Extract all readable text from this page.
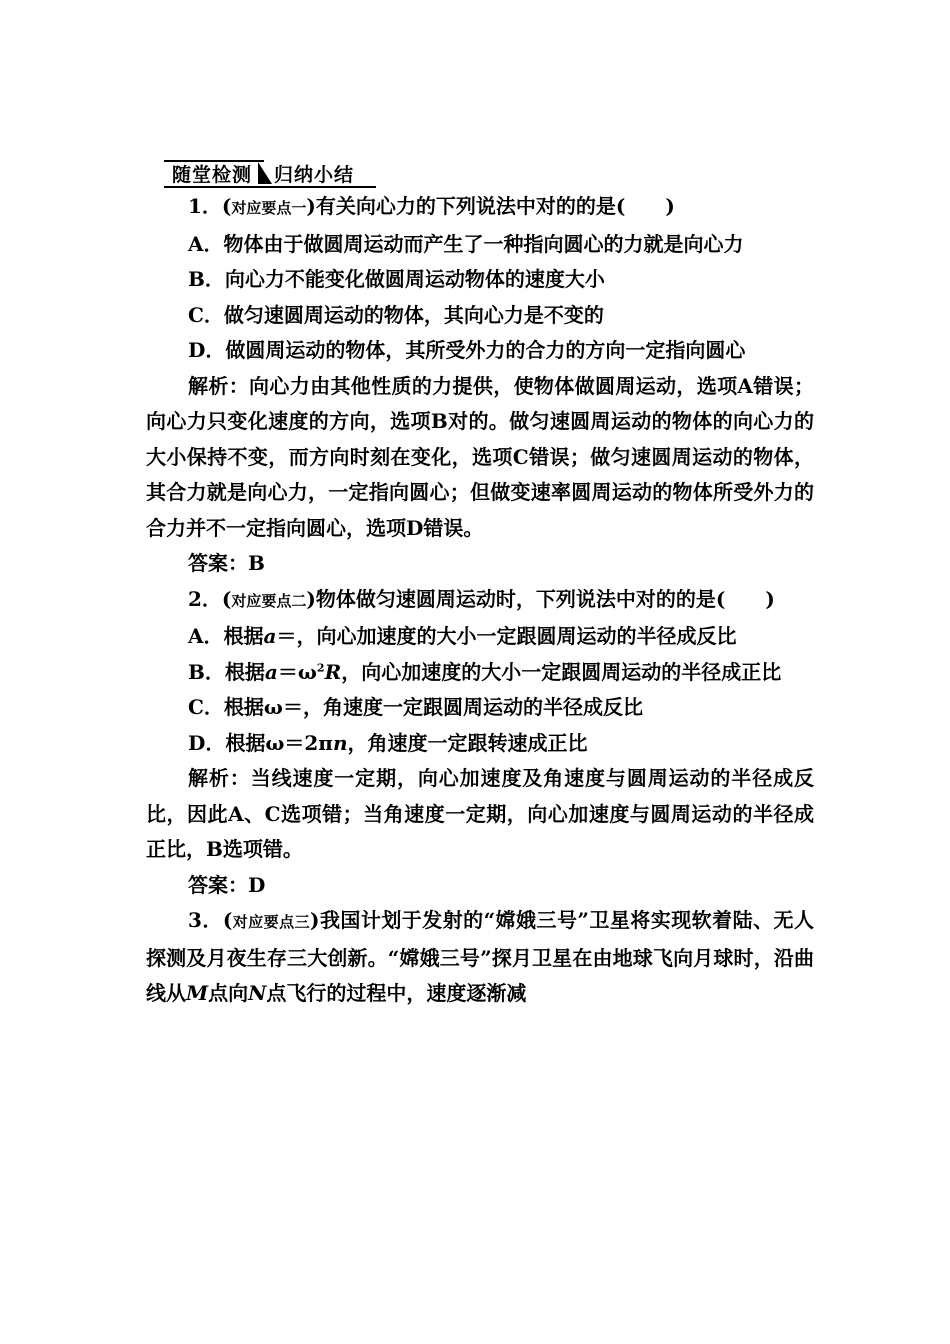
随堂检测	归纳小结

1．(对应要点一)有关向心力的下列说法中对的的是(　　)

A．物体由于做圆周运动而产生了一种指向圆心的力就是向心力

B．向心力不能变化做圆周运动物体的速度大小

C．做匀速圆周运动的物体，其向心力是不变的

D．做圆周运动的物体，其所受外力的合力的方向一定指向圆心

解析：向心力由其他性质的力提供，使物体做圆周运动，选项A错误；向心力只变化速度的方向，选项B对的。做匀速圆周运动的物体的向心力的大小保持不变，而方向时刻在变化，选项C错误；做匀速圆周运动的物体，其合力就是向心力，一定指向圆心；但做变速率圆周运动的物体所受外力的合力并不一定指向圆心，选项D错误。

答案：B

2．(对应要点二)物体做匀速圆周运动时，下列说法中对的的是(　　)

A．根据a＝，向心加速度的大小一定跟圆周运动的半径成反比

B．根据$a=\omega^2R$，向心加速度的大小一定跟圆周运动的半径成正比

C．根据ω＝，角速度一定跟圆周运动的半径成反比

D．根据ω＝2πn，角速度一定跟转速成正比

解析：当线速度一定期，向心加速度及角速度与圆周运动的半径成反比，因此A、C选项错；当角速度一定期，向心加速度与圆周运动的半径成正比，B选项错。

答案：D

3．(对应要点三)我国计划于发射的“嫦娥三号”卫星将实现软着陆、无人探测及月夜生存三大创新。“嫦娥三号”探月卫星在由地球飞向月球时，沿曲线从M点向N点飞行的过程中，速度逐渐减
